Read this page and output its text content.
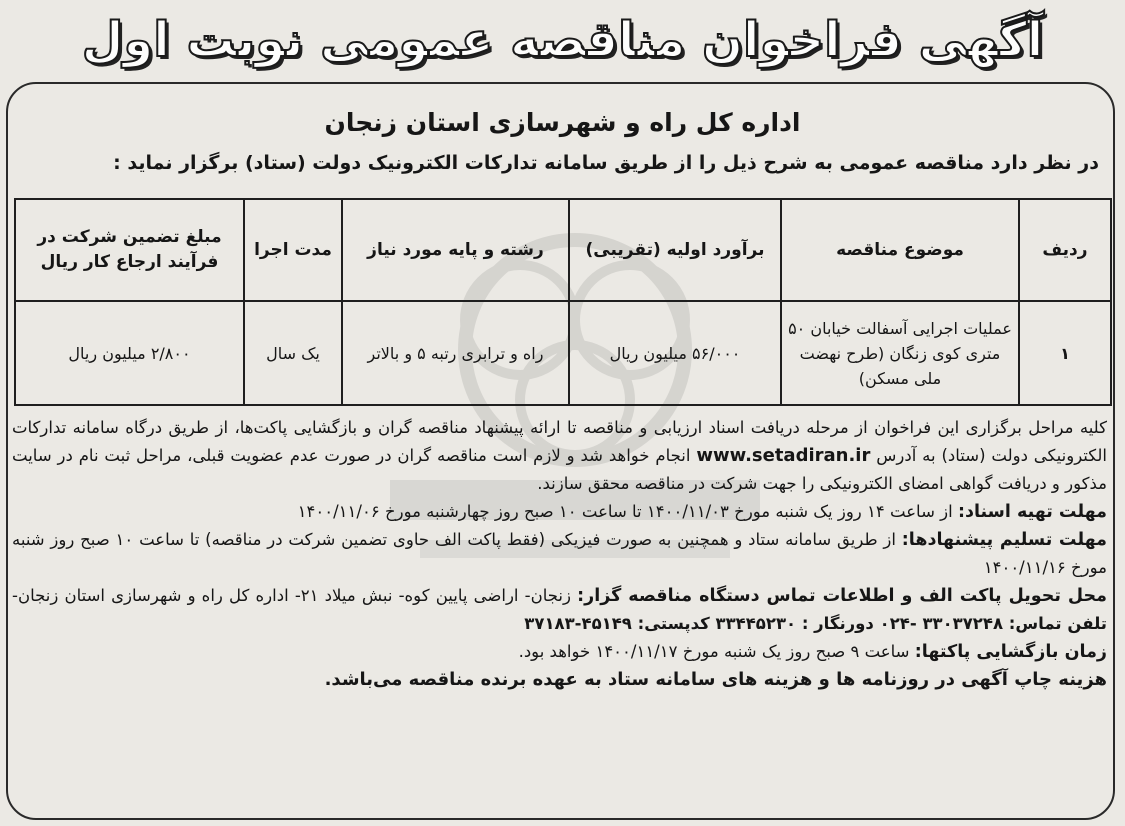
آگهی فراخوان مناقصه عمومی نوبت اول
اداره کل راه و شهرسازی استان زنجان
در نظر دارد مناقصه عمومی به شرح ذیل را از طریق سامانه تدارکات الکترونیک دولت (ستاد) برگزار نماید :
ردیف	موضوع مناقصه	برآورد اولیه (تقریبی)	رشته و پایه مورد نیاز	مدت اجرا	مبلغ تضمین شرکت در فرآیند ارجاع کار ریال
۱	عملیات اجرایی آسفالت خیابان ۵۰ متری کوی زنگان (طرح نهضت ملی مسکن)	۵۶/۰۰۰ میلیون ریال	راه و ترابری رتبه ۵ و بالاتر	یک سال	۲/۸۰۰ میلیون ریال

کلیه مراحل برگزاری این فراخوان از مرحله دریافت اسناد ارزیابی و مناقصه تا ارائه پیشنهاد مناقصه گران و بازگشایی پاکت‌ها، از طریق درگاه سامانه تدارکات الکترونیکی دولت (ستاد) به آدرس www.setadiran.ir انجام خواهد شد و لازم است مناقصه گران در صورت عدم عضویت قبلی، مراحل ثبت نام در سایت مذکور و دریافت گواهی امضای الکترونیکی را جهت شرکت در مناقصه محقق سازند.

مهلت تهیه اسناد: از ساعت ۱۴ روز یک شنبه مورخ ۱۴۰۰/۱۱/۰۳ تا ساعت ۱۰ صبح روز چهارشنبه مورخ ۱۴۰۰/۱۱/۰۶

مهلت تسلیم پیشنهادها: از طریق سامانه ستاد و همچنین به صورت فیزیکی (فقط پاکت الف حاوی تضمین شرکت در مناقصه) تا ساعت ۱۰ صبح روز شنبه مورخ ۱۴۰۰/۱۱/۱۶

محل تحویل پاکت الف و اطلاعات تماس دستگاه مناقصه گزار: زنجان- اراضی پایین کوه- نبش میلاد ۲۱- اداره کل راه و شهرسازی استان زنجان- تلفن تماس: ۳۳۰۳۷۲۴۸ -۰۲۴ دورنگار : ۳۳۴۴۵۲۳۰ کدپستی: ۴۵۱۴۹-۳۷۱۸۳

زمان بازگشایی پاکتها: ساعت ۹ صبح روز یک شنبه مورخ ۱۴۰۰/۱۱/۱۷ خواهد بود.

هزینه چاپ آگهی در روزنامه ها و هزینه های سامانه ستاد به عهده برنده مناقصه می‌باشد.
